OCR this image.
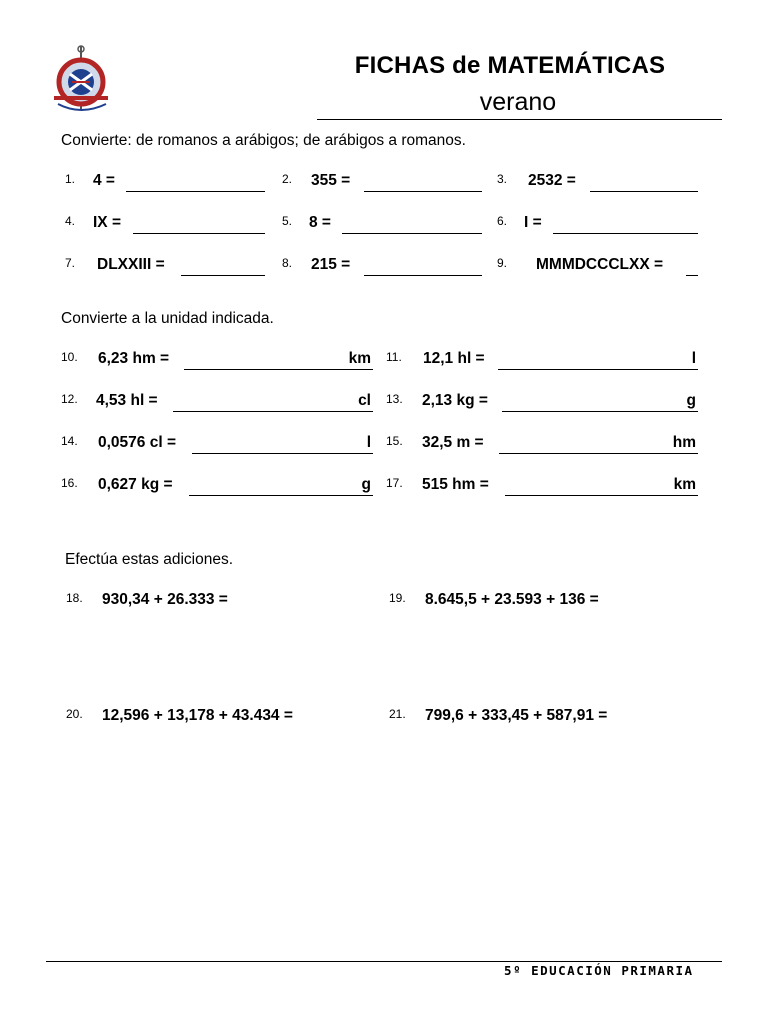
FICHAS de MATEMÁTICAS
verano
Convierte: de romanos a arábigos; de arábigos a romanos.
1. 4 =	2. 355 =	3. 2532 =
4. IX =	5. 8 =	6. I =
7. DLXXIII =	8. 215 =	9. MMMDCCCLXX =
Convierte a la unidad indicada.
10. 6,23 hm =	km 11. 12,1 hl =	l
12. 4,53 hl =	cl 13. 2,13 kg =	g
14. 0,0576 cl =	l 15. 32,5 m =	hm
16. 0,627 kg =	g 17. 515 hm =	km
Efectúa estas adiciones.
18. 930,34 + 26.333 =	19. 8.645,5 + 23.593 + 136 =
20. 12,596 + 13,178 + 43.434 =	21. 799,6 + 333,45 + 587,91 =
5º EDUCACIÓN PRIMARIA
